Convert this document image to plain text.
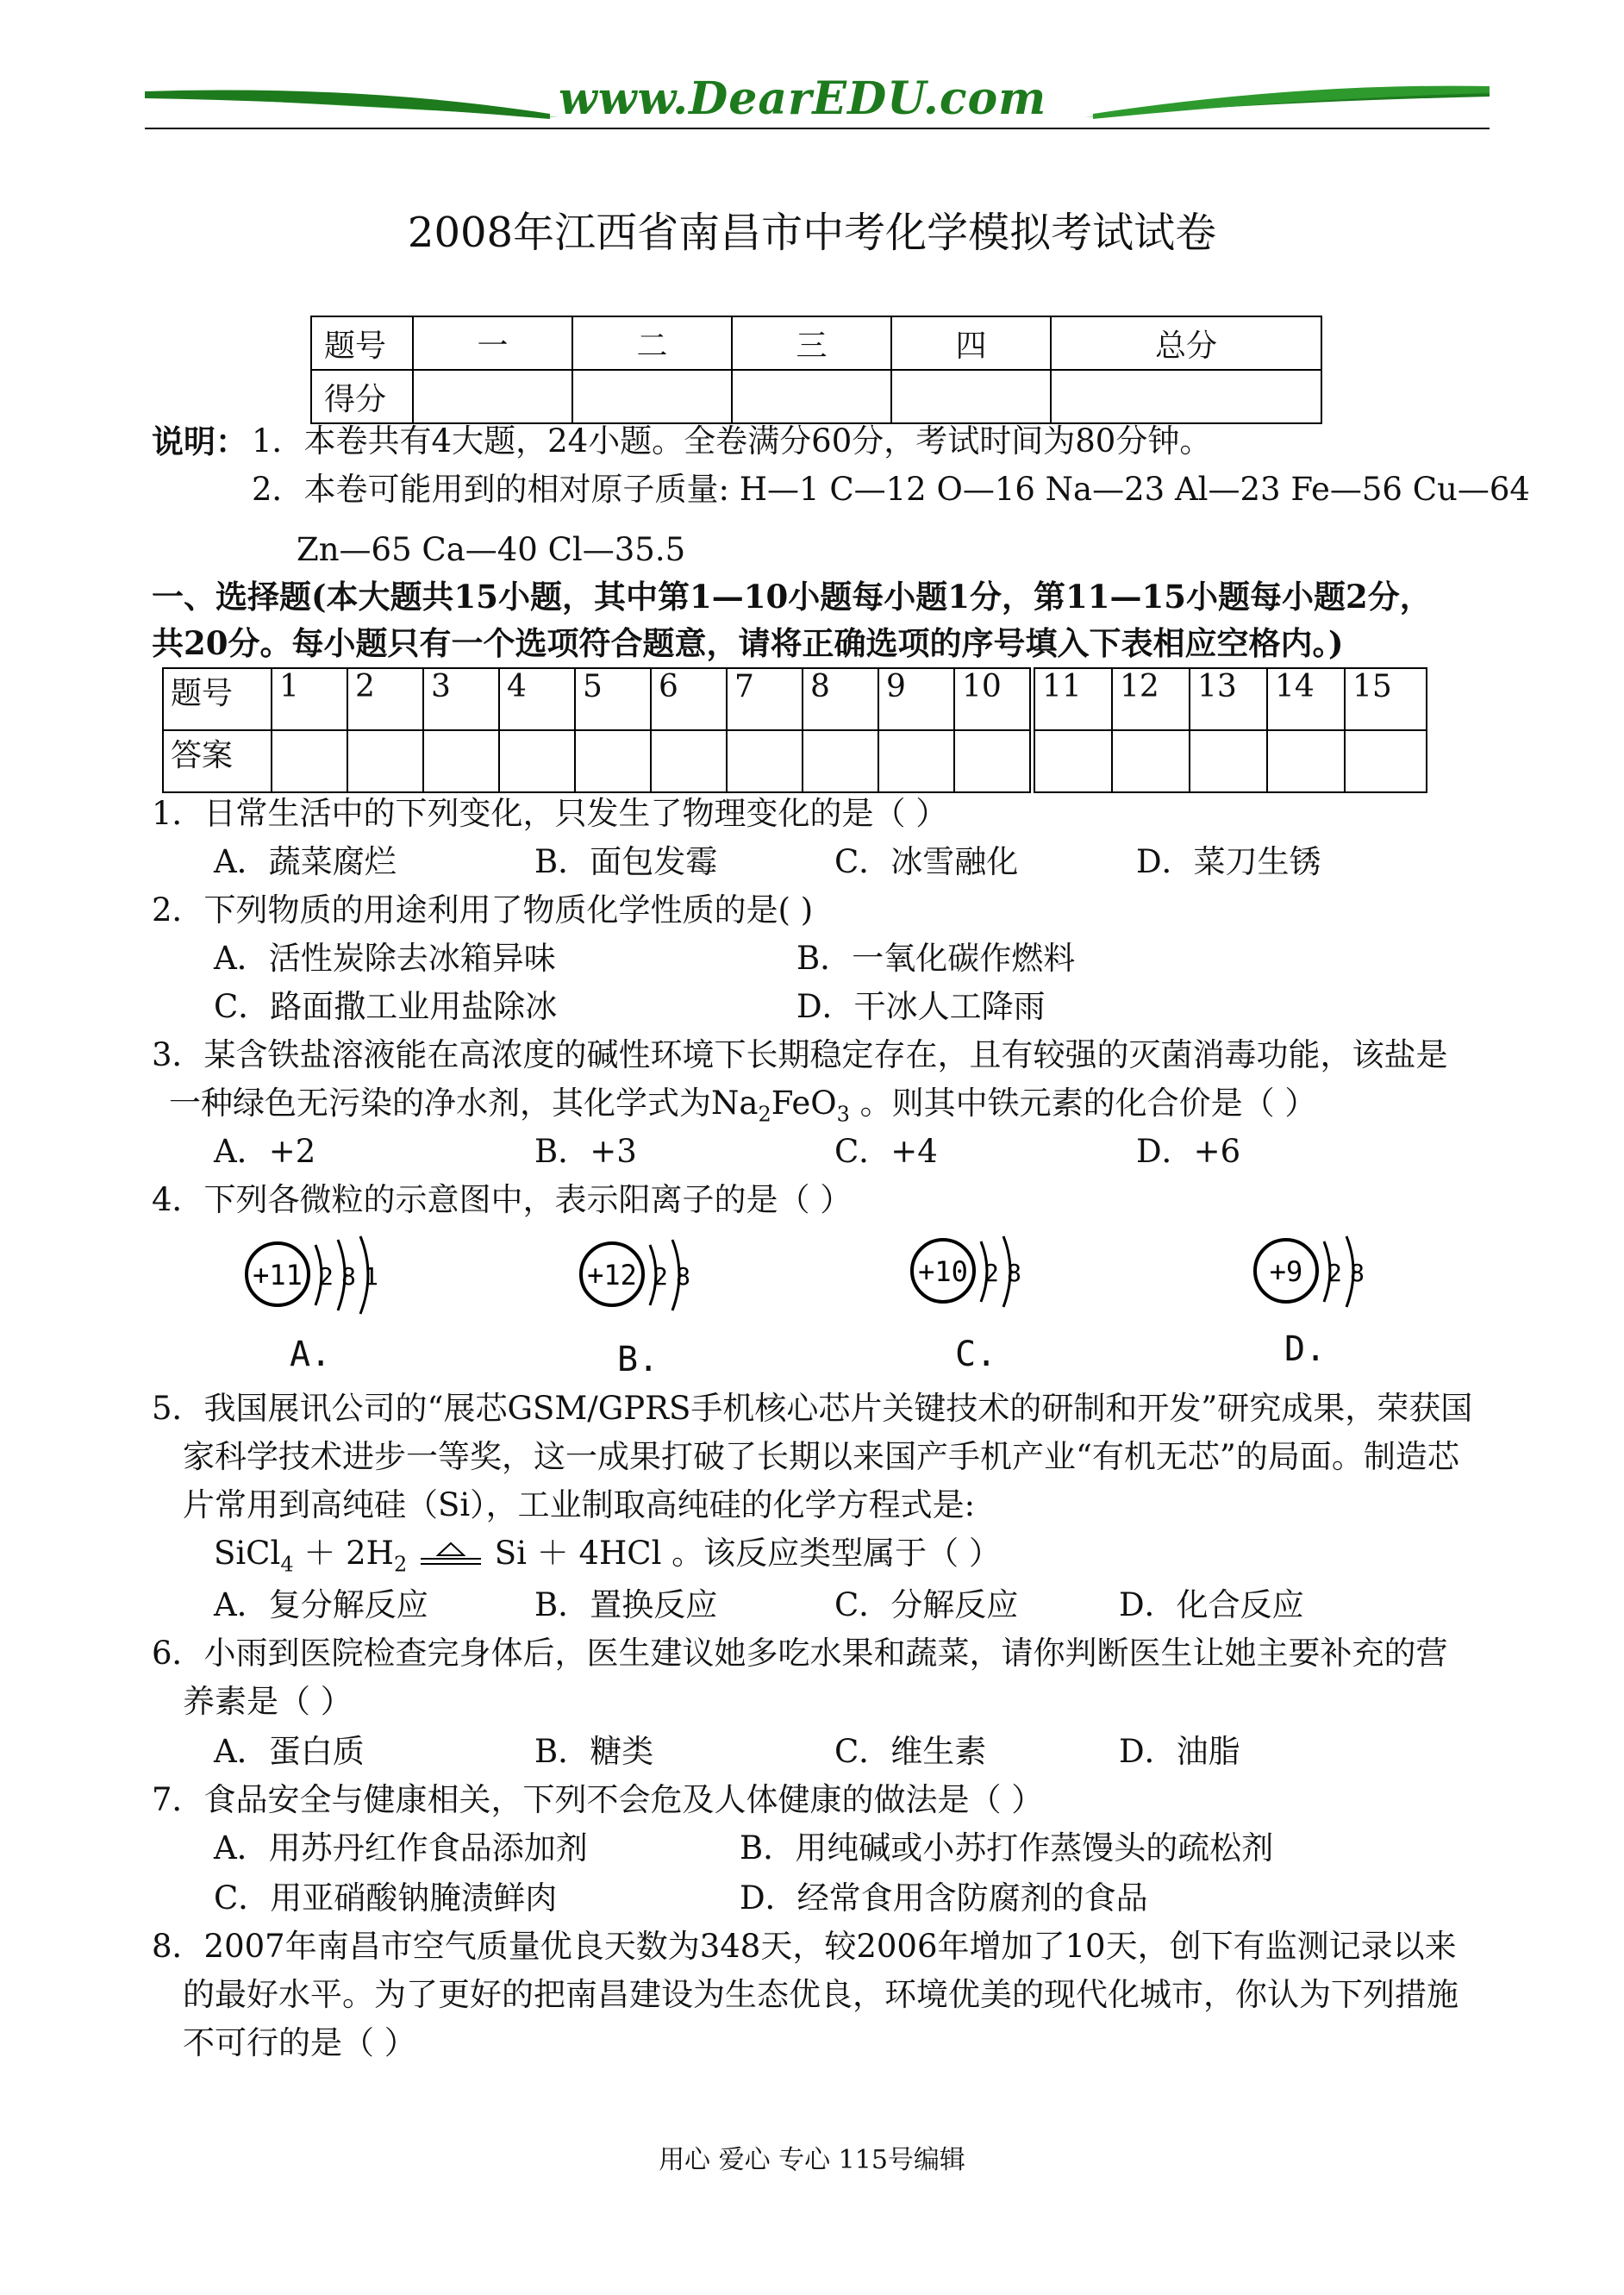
www.DearEDU.com
2008年江西省南昌市中考化学模拟考试试卷
题号	一	二	三	四	总分
得分					
说明： 1．本卷共有4大题，24小题。全卷满分60分，考试时间为80分钟。
2．本卷可能用到的相对原子质量: H—1 C—12 O—16 Na—23 Al—23 Fe—56 Cu—64
Zn—65 Ca—40 Cl—35.5
一、选择题(本大题共15小题，其中第1—10小题每小题1分，第11—15小题每小题2分，
共20分。每小题只有一个选项符合题意，请将正确选项的序号填入下表相应空格内。)
题号	1	2	3	4	5	6	7	8	9	10	11	12	13	14	15
答案															
1．日常生活中的下列变化，只发生了物理变化的是（ ）
A．蔬菜腐烂	B．面包发霉	C．冰雪融化	D．菜刀生锈
2．下列物质的用途利用了物质化学性质的是( )
A．活性炭除去冰箱异味	B．一氧化碳作燃料
C．路面撒工业用盐除冰	D．干冰人工降雨
3．某含铁盐溶液能在高浓度的碱性环境下长期稳定存在，且有较强的灭菌消毒功能，该盐是
一种绿色无污染的净水剂，其化学式为$Na_2FeO_3$ 。则其中铁元素的化合价是（ ）
A．+2	B．+3	C．+4	D．+6
4．下列各微粒的示意图中，表示阳离子的是（ ）
+11 2 8 1
A.
+12 2 8
B.
+10 2 8
C.
+9 2 8
D.
5．我国展讯公司的“展芯GSM/GPRS手机核心芯片关键技术的研制和开发”研究成果，荣获国
家科学技术进步一等奖，这一成果打破了长期以来国产手机产业“有机无芯”的局面。制造芯
片常用到高纯硅（Si），工业制取高纯硅的化学方程式是:
SiCl$_4$ ＋ $2H_2$	Si ＋ 4HCl 。该反应类型属于（ ）
A．复分解反应	B．置换反应	C．分解反应	D．化合反应
6．小雨到医院检查完身体后，医生建议她多吃水果和蔬菜，请你判断医生让她主要补充的营
养素是（ ）
A．蛋白质	B．糖类	C．维生素	D．油脂
7．食品安全与健康相关，下列不会危及人体健康的做法是（ ）
A．用苏丹红作食品添加剂	B．用纯碱或小苏打作蒸馒头的疏松剂
C．用亚硝酸钠腌渍鲜肉	D．经常食用含防腐剂的食品
8．2007年南昌市空气质量优良天数为348天，较2006年增加了10天，创下有监测记录以来
的最好水平。为了更好的把南昌建设为生态优良，环境优美的现代化城市，你认为下列措施
不可行的是（ ）
用心 爱心 专心 115号编辑
